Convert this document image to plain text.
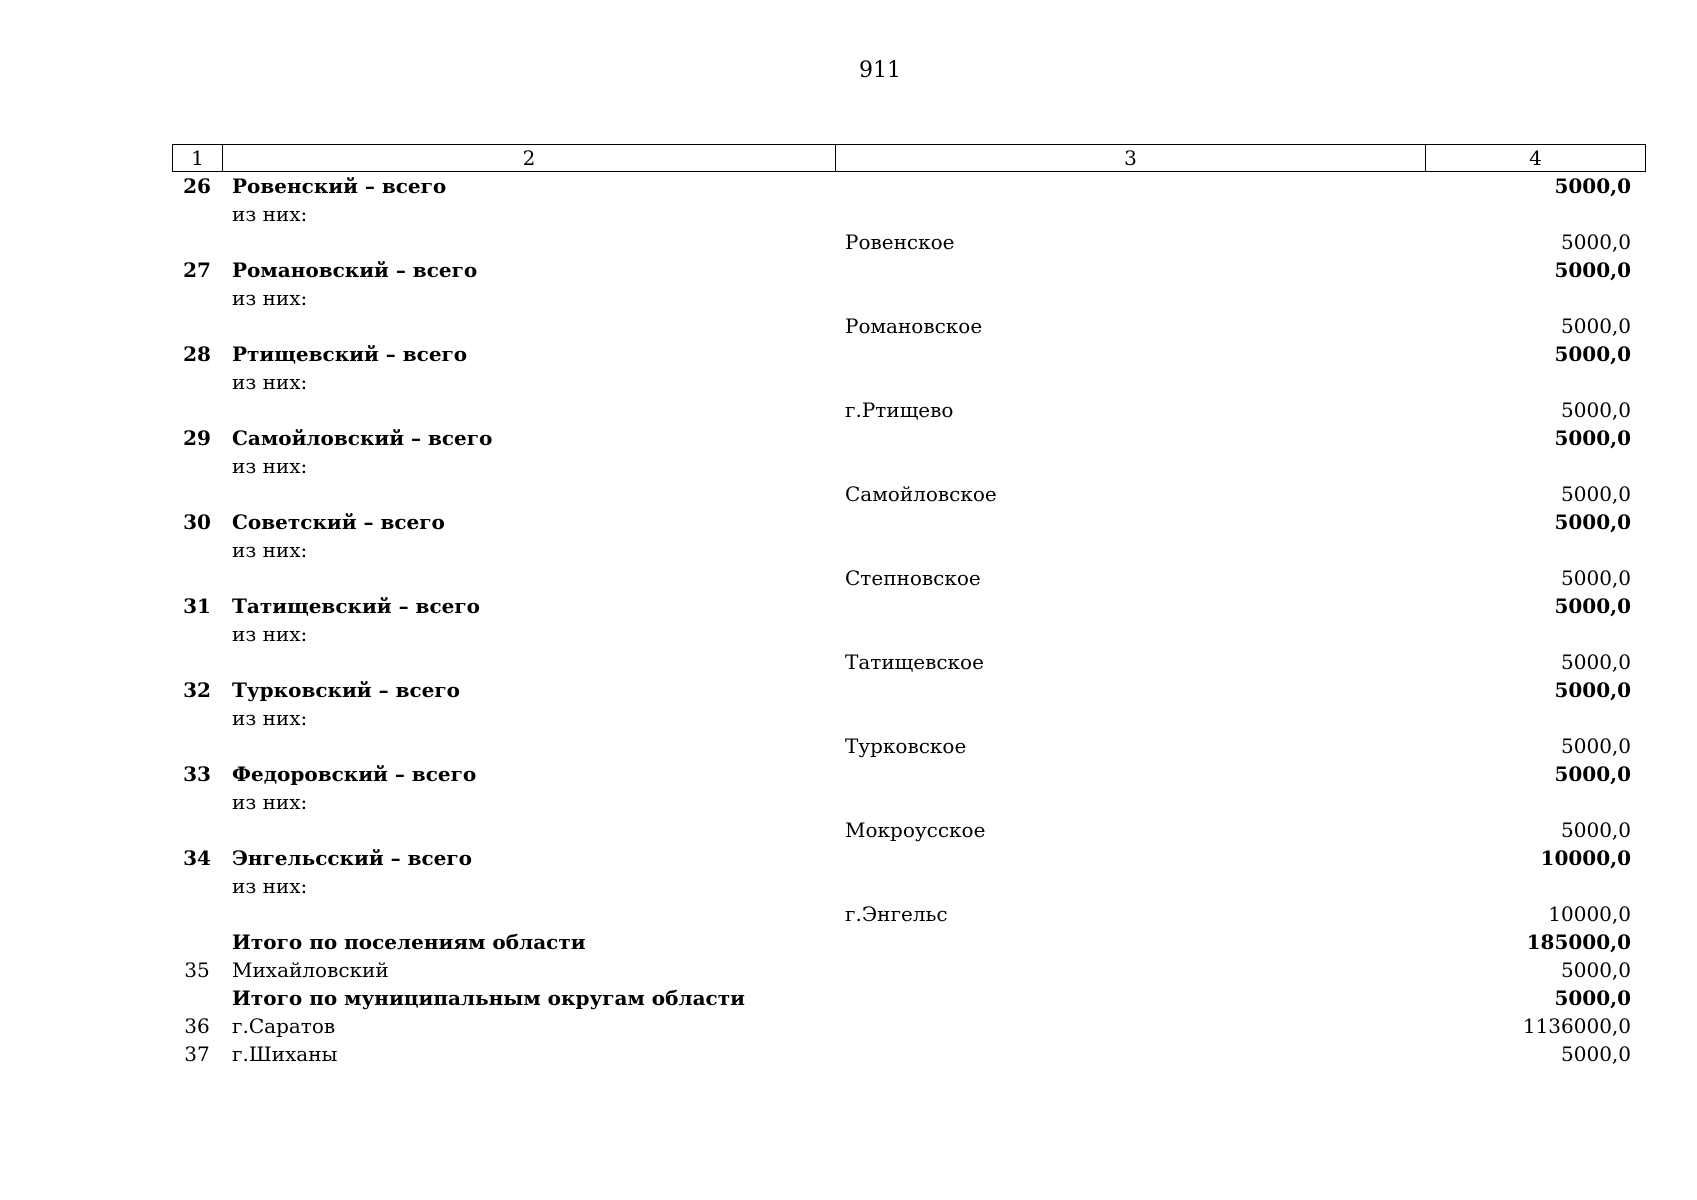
911
1	2	3	4
26	Ровенский – всего		5000,0
	из них:		
		Ровенское	5000,0
27	Романовский – всего		5000,0
	из них:		
		Романовское	5000,0
28	Ртищевский – всего		5000,0
	из них:		
		г.Ртищево	5000,0
29	Самойловский – всего		5000,0
	из них:		
		Самойловское	5000,0
30	Советский – всего		5000,0
	из них:		
		Степновское	5000,0
31	Татищевский – всего		5000,0
	из них:		
		Татищевское	5000,0
32	Турковский – всего		5000,0
	из них:		
		Турковское	5000,0
33	Федоровский – всего		5000,0
	из них:		
		Мокроусское	5000,0
34	Энгельсский – всего		10000,0
	из них:		
		г.Энгельс	10000,0
	Итого по поселениям области		185000,0
35	Михайловский		5000,0
	Итого по муниципальным округам области		5000,0
36	г.Саратов		1136000,0
37	г.Шиханы		5000,0
